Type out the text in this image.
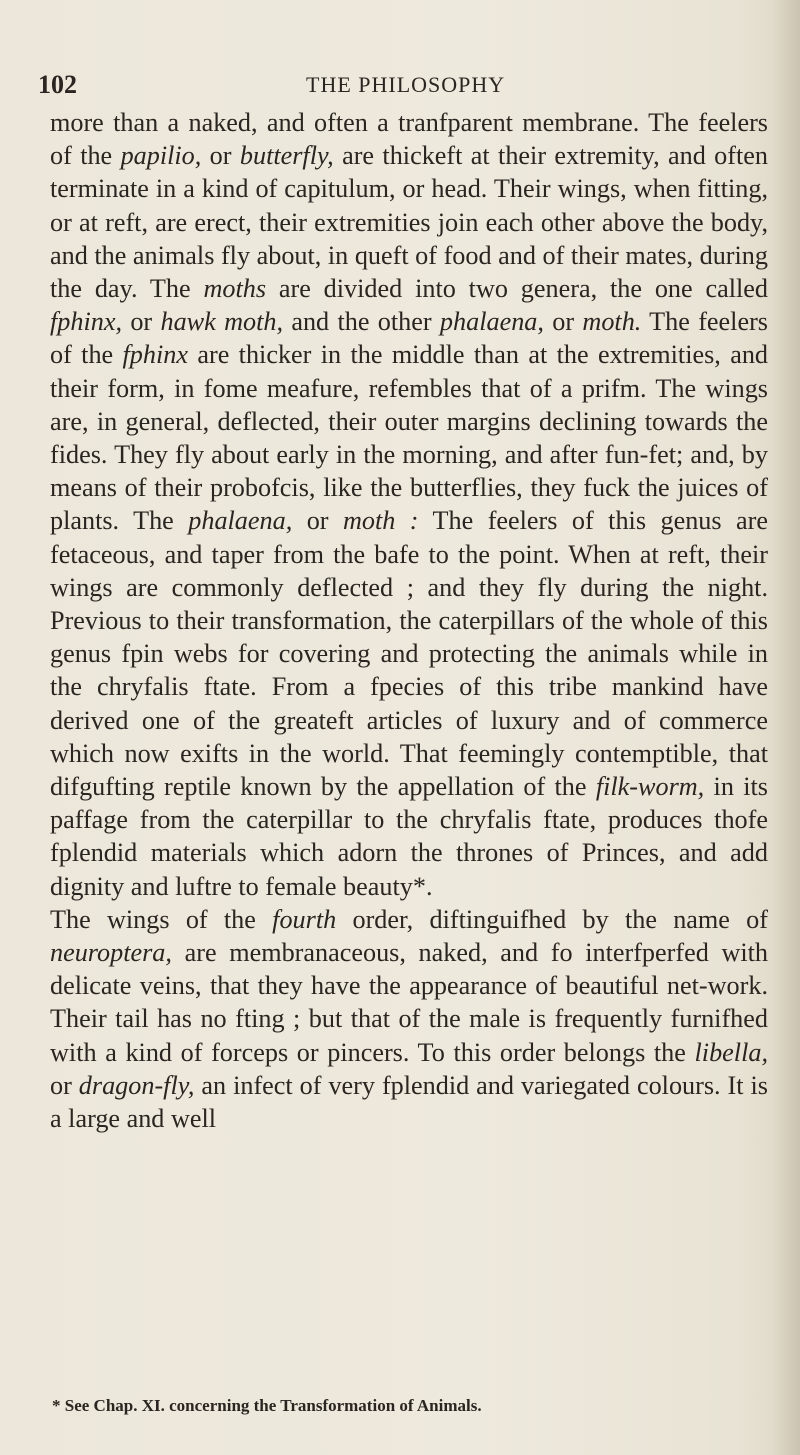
102	THE PHILOSOPHY

more than a naked, and often a tranfparent membrane. The feelers of the papilio, or butterfly, are thickeft at their extremity, and often terminate in a kind of capitulum, or head. Their wings, when fitting, or at reft, are erect, their extremities join each other above the body, and the animals fly about, in queft of food and of their mates, during the day. The moths are divided into two genera, the one called fphinx, or hawk moth, and the other phalaena, or moth. The feelers of the fphinx are thicker in the middle than at the extremities, and their form, in fome meafure, refembles that of a prifm. The wings are, in general, deflected, their outer margins declining towards the fides. They fly about early in the morning, and after fun-fet; and, by means of their probofcis, like the butterflies, they fuck the juices of plants. The phalaena, or moth : The feelers of this genus are fetaceous, and taper from the bafe to the point. When at reft, their wings are commonly deflected ; and they fly during the night. Previous to their transformation, the caterpillars of the whole of this genus fpin webs for covering and protecting the animals while in the chryfalis ftate. From a fpecies of this tribe mankind have derived one of the greateft articles of luxury and of commerce which now exifts in the world. That feemingly contemptible, that difgufting reptile known by the appellation of the filk-worm, in its paffage from the caterpillar to the chryfalis ftate, produces thofe fplendid materials which adorn the thrones of Princes, and add dignity and luftre to female beauty*.

The wings of the fourth order, diftinguifhed by the name of neuroptera, are membranaceous, naked, and fo interfperfed with delicate veins, that they have the appearance of beautiful net-work. Their tail has no fting ; but that of the male is frequently furnifhed with a kind of forceps or pincers. To this order belongs the libella, or dragon-fly, an infect of very fplendid and variegated colours. It is a large and well

* See Chap. XI. concerning the Transformation of Animals.
